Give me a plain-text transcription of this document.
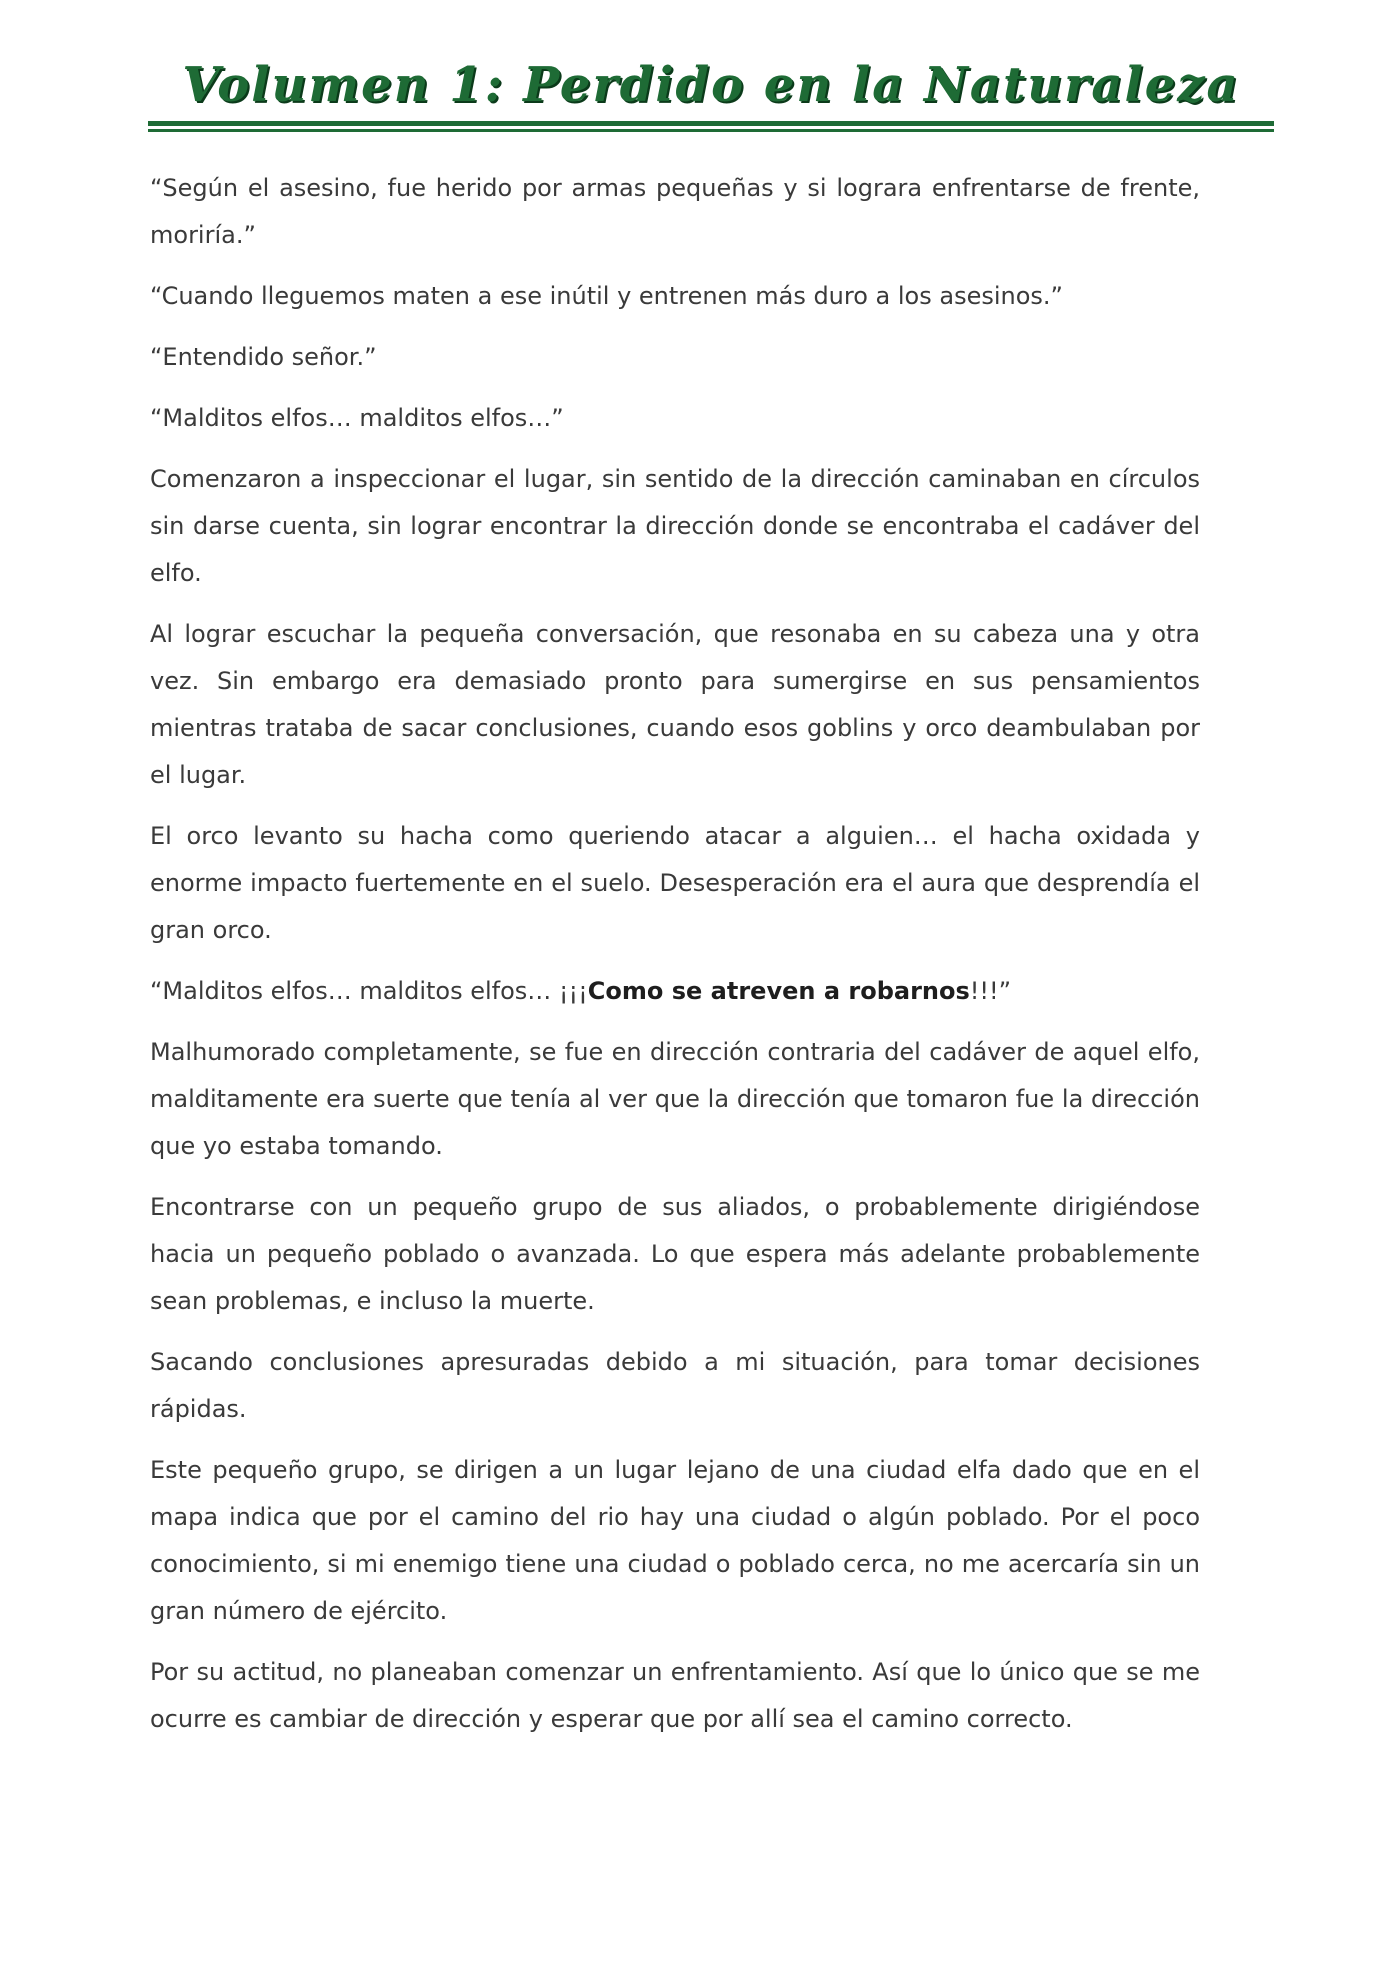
Volumen 1: Perdido en la Naturaleza

“Según el asesino, fue herido por armas pequeñas y si lograra enfrentarse de frente, moriría.”

“Cuando lleguemos maten a ese inútil y entrenen más duro a los asesinos.”

“Entendido señor.”

“Malditos elfos… malditos elfos…”

Comenzaron a inspeccionar el lugar, sin sentido de la dirección caminaban en círculos sin darse cuenta, sin lograr encontrar la dirección donde se encontraba el cadáver del elfo.

Al lograr escuchar la pequeña conversación, que resonaba en su cabeza una y otra vez. Sin embargo era demasiado pronto para sumergirse en sus pensamientos mientras trataba de sacar conclusiones, cuando esos goblins y orco deambulaban por el lugar.

El orco levanto su hacha como queriendo atacar a alguien… el hacha oxidada y enorme impacto fuertemente en el suelo. Desesperación era el aura que desprendía el gran orco.

“Malditos elfos… malditos elfos… ¡¡¡Como se atreven a robarnos!!!”

Malhumorado completamente, se fue en dirección contraria del cadáver de aquel elfo, malditamente era suerte que tenía al ver que la dirección que tomaron fue la dirección que yo estaba tomando.

Encontrarse con un pequeño grupo de sus aliados, o probablemente dirigiéndose hacia un pequeño poblado o avanzada. Lo que espera más adelante probablemente sean problemas, e incluso la muerte.

Sacando conclusiones apresuradas debido a mi situación, para tomar decisiones rápidas.

Este pequeño grupo, se dirigen a un lugar lejano de una ciudad elfa dado que en el mapa indica que por el camino del rio hay una ciudad o algún poblado. Por el poco conocimiento, si mi enemigo tiene una ciudad o poblado cerca, no me acercaría sin un gran número de ejército.

Por su actitud, no planeaban comenzar un enfrentamiento. Así que lo único que se me ocurre es cambiar de dirección y esperar que por allí sea el camino correcto.
